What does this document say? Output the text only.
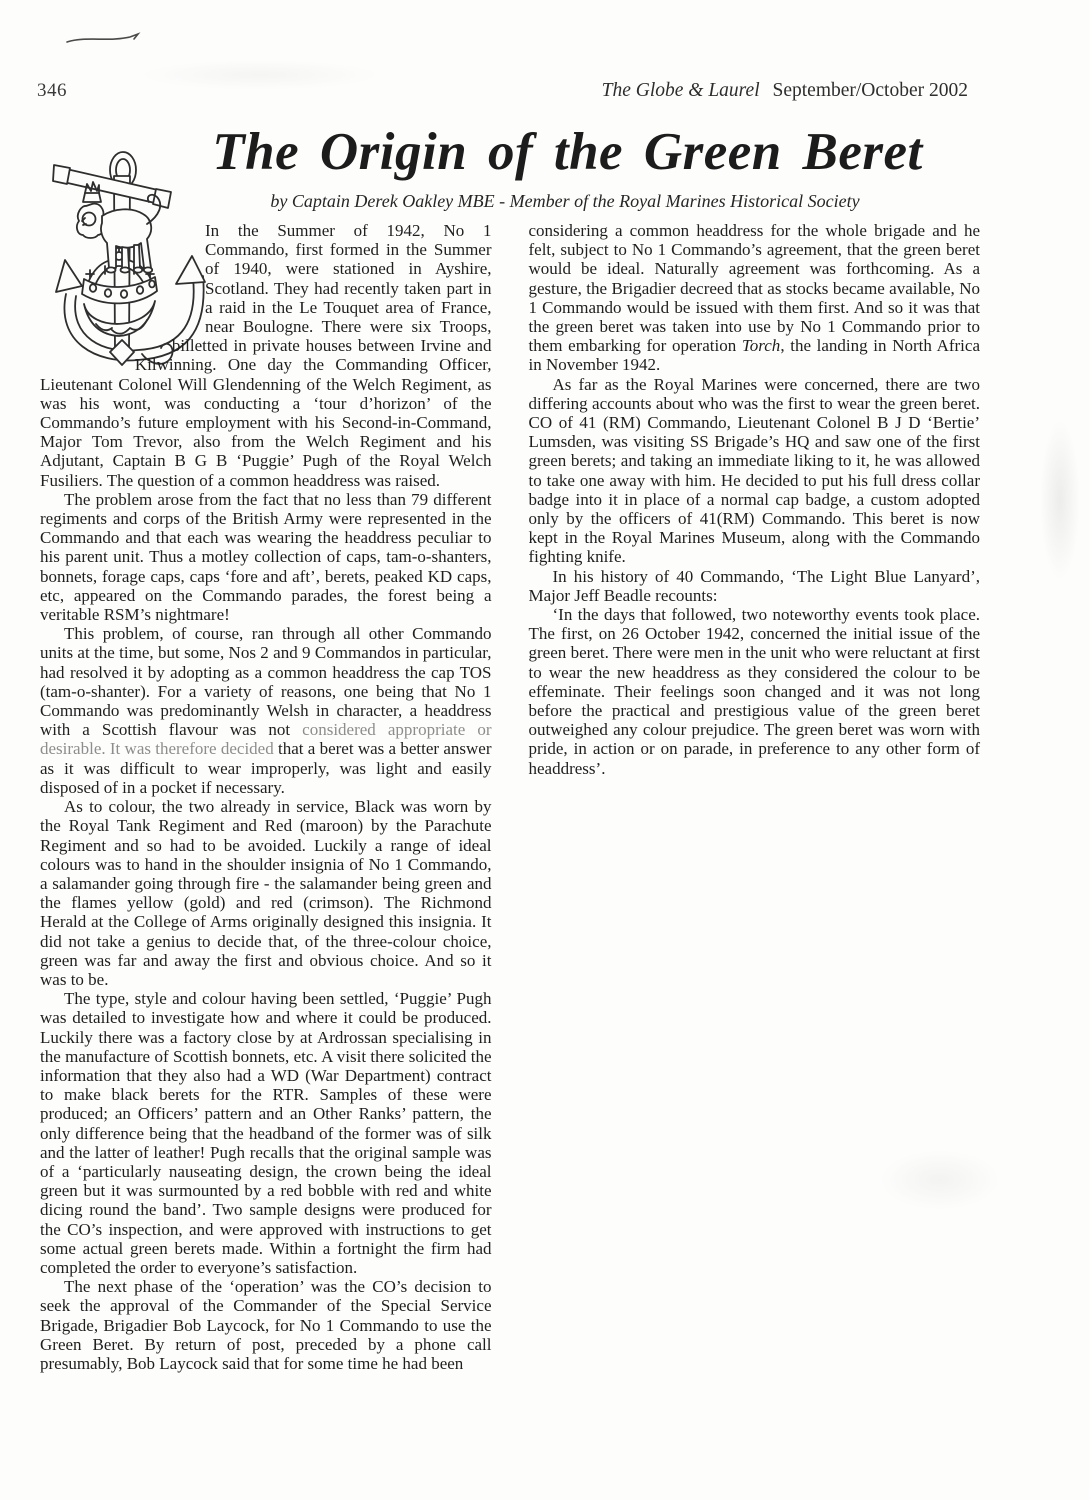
346	The Globe & Laurel September/October 2002
The Origin of the Green Beret
by Captain Derek Oakley MBE - Member of the Royal Marines Historical Society

In the Summer of 1942, No 1 Commando, first formed in the Summer of 1940, were stationed in Ayshire, Scotland. They had recently taken part in a raid in the Le Touquet area of France, near Boulogne. There were six Troops, billetted in private houses between Irvine and Kilwinning. One day the Commanding Officer, Lieutenant Colonel Will Glendenning of the Welch Regiment, as was his wont, was conducting a ‘tour d’horizon’ of the Commando’s future employment with his Second-in-Command, Major Tom Trevor, also from the Welch Regiment and his Adjutant, Captain B G B ‘Puggie’ Pugh of the Royal Welch Fusiliers. The question of a common headdress was raised.

The problem arose from the fact that no less than 79 different regiments and corps of the British Army were represented in the Commando and that each was wearing the headdress peculiar to his parent unit. Thus a motley collection of caps, tam-o-shanters, bonnets, forage caps, caps ‘fore and aft’, berets, peaked KD caps, etc, appeared on the Commando parades, the forest being a veritable RSM’s nightmare!

This problem, of course, ran through all other Commando units at the time, but some, Nos 2 and 9 Commandos in particular, had resolved it by adopting as a common headdress the cap TOS (tam-o-shanter). For a variety of reasons, one being that No 1 Commando was predominantly Welsh in character, a headdress with a Scottish flavour was not considered appropriate or desirable. It was therefore decided that a beret was a better answer as it was difficult to wear improperly, was light and easily disposed of in a pocket if necessary.

As to colour, the two already in service, Black was worn by the Royal Tank Regiment and Red (maroon) by the Parachute Regiment and so had to be avoided. Luckily a range of ideal colours was to hand in the shoulder insignia of No 1 Commando, a salamander going through fire - the salamander being green and the flames yellow (gold) and red (crimson). The Richmond Herald at the College of Arms originally designed this insignia. It did not take a genius to decide that, of the three-colour choice, green was far and away the first and obvious choice. And so it was to be.

The type, style and colour having been settled, ‘Puggie’ Pugh was detailed to investigate how and where it could be produced. Luckily there was a factory close by at Ardrossan specialising in the manufacture of Scottish bonnets, etc. A visit there solicited the information that they also had a WD (War Department) contract to make black berets for the RTR. Samples of these were produced; an Officers’ pattern and an Other Ranks’ pattern, the only difference being that the headband of the former was of silk and the latter of leather! Pugh recalls that the original sample was of a ‘particularly nauseating design, the crown being the ideal green but it was surmounted by a red bobble with red and white dicing round the band’. Two sample designs were produced for the CO’s inspection, and were approved with instructions to get some actual green berets made. Within a fortnight the firm had completed the order to everyone’s satisfaction.

The next phase of the ‘operation’ was the CO’s decision to seek the approval of the Commander of the Special Service Brigade, Brigadier Bob Laycock, for No 1 Commando to use the Green Beret. By return of post, preceded by a phone call presumably, Bob Laycock said that for some time he had been

considering a common headdress for the whole brigade and he felt, subject to No 1 Commando’s agreement, that the green beret would be ideal. Naturally agreement was forthcoming. As a gesture, the Brigadier decreed that as stocks became available, No 1 Commando would be issued with them first. And so it was that the green beret was taken into use by No 1 Commando prior to them embarking for operation Torch, the landing in North Africa in November 1942.

As far as the Royal Marines were concerned, there are two differing accounts about who was the first to wear the green beret. CO of 41 (RM) Commando, Lieutenant Colonel B J D ‘Bertie’ Lumsden, was visiting SS Brigade’s HQ and saw one of the first green berets; and taking an immediate liking to it, he was allowed to take one away with him. He decided to put his full dress collar badge into it in place of a normal cap badge, a custom adopted only by the officers of 41(RM) Commando. This beret is now kept in the Royal Marines Museum, along with the Commando fighting knife.

In his history of 40 Commando, ‘The Light Blue Lanyard’, Major Jeff Beadle recounts:

‘In the days that followed, two noteworthy events took place. The first, on 26 October 1942, concerned the initial issue of the green beret. There were men in the unit who were reluctant at first to wear the new headdress as they considered the colour to be effeminate. Their feelings soon changed and it was not long before the practical and prestigious value of the green beret outweighed any colour prejudice. The green beret was worn with pride, in action or on parade, in preference to any other form of headdress’.
